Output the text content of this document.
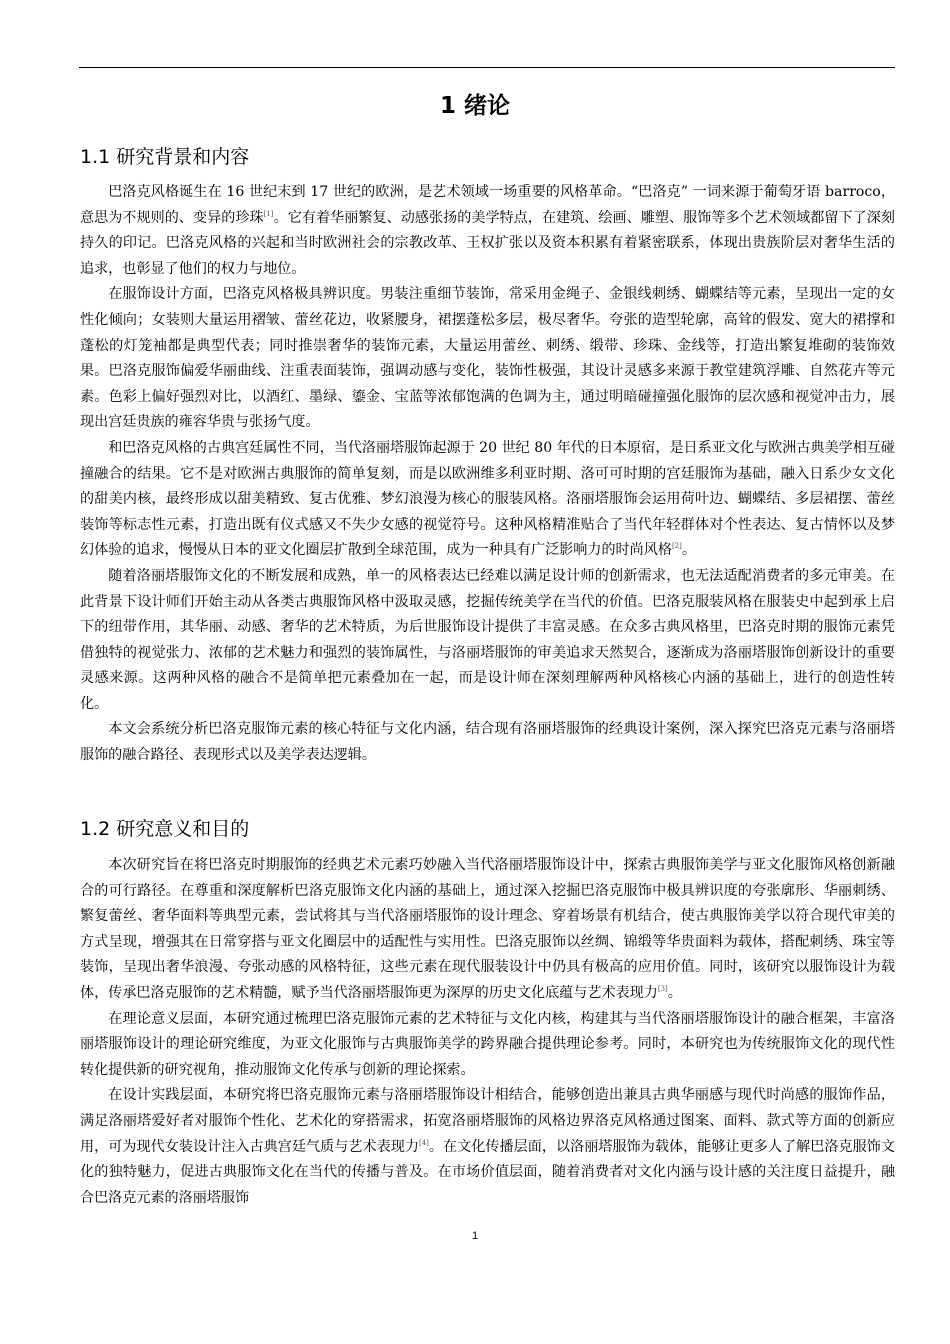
1 绪论
1.1 研究背景和内容

巴洛克风格诞生在 16 世纪末到 17 世纪的欧洲，是艺术领域一场重要的风格革命。“巴洛克” 一词来源于葡萄牙语 barroco，意思为不规则的、变异的珍珠[1]。它有着华丽繁复、动感张扬的美学特点，在建筑、绘画、雕塑、服饰等多个艺术领域都留下了深刻持久的印记。巴洛克风格的兴起和当时欧洲社会的宗教改革、王权扩张以及资本积累有着紧密联系，体现出贵族阶层对奢华生活的追求，也彰显了他们的权力与地位。

在服饰设计方面，巴洛克风格极具辨识度。男装注重细节装饰，常采用金绳子、金银线刺绣、蝴蝶结等元素，呈现出一定的女性化倾向；女装则大量运用褶皱、蕾丝花边，收紧腰身，裙摆蓬松多层，极尽奢华。夸张的造型轮廓，高耸的假发、宽大的裙撑和蓬松的灯笼袖都是典型代表；同时推崇奢华的装饰元素，大量运用蕾丝、刺绣、缎带、珍珠、金线等，打造出繁复堆砌的装饰效果。巴洛克服饰偏爱华丽曲线、注重表面装饰，强调动感与变化，装饰性极强，其设计灵感多来源于教堂建筑浮雕、自然花卉等元素。色彩上偏好强烈对比，以酒红、墨绿、鎏金、宝蓝等浓郁饱满的色调为主，通过明暗碰撞强化服饰的层次感和视觉冲击力，展现出宫廷贵族的雍容华贵与张扬气度。

和巴洛克风格的古典宫廷属性不同，当代洛丽塔服饰起源于 20 世纪 80 年代的日本原宿，是日系亚文化与欧洲古典美学相互碰撞融合的结果。它不是对欧洲古典服饰的简单复刻，而是以欧洲维多利亚时期、洛可可时期的宫廷服饰为基础，融入日系少女文化的甜美内核，最终形成以甜美精致、复古优雅、梦幻浪漫为核心的服装风格。洛丽塔服饰会运用荷叶边、蝴蝶结、多层裙摆、蕾丝装饰等标志性元素，打造出既有仪式感又不失少女感的视觉符号。这种风格精准贴合了当代年轻群体对个性表达、复古情怀以及梦幻体验的追求，慢慢从日本的亚文化圈层扩散到全球范围，成为一种具有广泛影响力的时尚风格[2]。

随着洛丽塔服饰文化的不断发展和成熟，单一的风格表达已经难以满足设计师的创新需求，也无法适配消费者的多元审美。在此背景下设计师们开始主动从各类古典服饰风格中汲取灵感，挖掘传统美学在当代的价值。巴洛克服装风格在服装史中起到承上启下的纽带作用，其华丽、动感、奢华的艺术特质，为后世服饰设计提供了丰富灵感。在众多古典风格里，巴洛克时期的服饰元素凭借独特的视觉张力、浓郁的艺术魅力和强烈的装饰属性，与洛丽塔服饰的审美追求天然契合，逐渐成为洛丽塔服饰创新设计的重要灵感来源。这两种风格的融合不是简单把元素叠加在一起，而是设计师在深刻理解两种风格核心内涵的基础上，进行的创造性转化。

本文会系统分析巴洛克服饰元素的核心特征与文化内涵，结合现有洛丽塔服饰的经典设计案例，深入探究巴洛克元素与洛丽塔服饰的融合路径、表现形式以及美学表达逻辑。

1.2 研究意义和目的

本次研究旨在将巴洛克时期服饰的经典艺术元素巧妙融入当代洛丽塔服饰设计中，探索古典服饰美学与亚文化服饰风格创新融合的可行路径。在尊重和深度解析巴洛克服饰文化内涵的基础上，通过深入挖掘巴洛克服饰中极具辨识度的夸张廓形、华丽刺绣、繁复蕾丝、奢华面料等典型元素，尝试将其与当代洛丽塔服饰的设计理念、穿着场景有机结合，使古典服饰美学以符合现代审美的方式呈现，增强其在日常穿搭与亚文化圈层中的适配性与实用性。巴洛克服饰以丝绸、锦缎等华贵面料为载体，搭配刺绣、珠宝等装饰，呈现出奢华浪漫、夸张动感的风格特征，这些元素在现代服装设计中仍具有极高的应用价值。同时，该研究以服饰设计为载体，传承巴洛克服饰的艺术精髓，赋予当代洛丽塔服饰更为深厚的历史文化底蕴与艺术表现力[3]。

在理论意义层面，本研究通过梳理巴洛克服饰元素的艺术特征与文化内核，构建其与当代洛丽塔服饰设计的融合框架，丰富洛丽塔服饰设计的理论研究维度，为亚文化服饰与古典服饰美学的跨界融合提供理论参考。同时，本研究也为传统服饰文化的现代性转化提供新的研究视角，推动服饰文化传承与创新的理论探索。

在设计实践层面，本研究将巴洛克服饰元素与洛丽塔服饰设计相结合，能够创造出兼具古典华丽感与现代时尚感的服饰作品，满足洛丽塔爱好者对服饰个性化、艺术化的穿搭需求，拓宽洛丽塔服饰的风格边界洛克风格通过图案、面料、款式等方面的创新应用，可为现代女装设计注入古典宫廷气质与艺术表现力[4]。在文化传播层面，以洛丽塔服饰为载体，能够让更多人了解巴洛克服饰文化的独特魅力，促进古典服饰文化在当代的传播与普及。在市场价值层面，随着消费者对文化内涵与设计感的关注度日益提升，融合巴洛克元素的洛丽塔服饰

1
